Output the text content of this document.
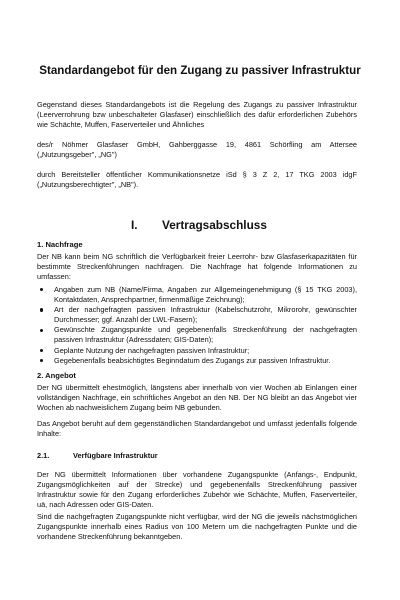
Standardangebot für den Zugang zu passiver Infrastruktur

Gegenstand dieses Standardangebots ist die Regelung des Zugangs zu passiver Infrastruktur (Leerverrohrung bzw unbeschalteter Glasfaser) einschließlich des dafür erforderlichen Zubehörs wie Schächte, Muffen, Faserverteiler und Ähnliches

des/r Nöhmer Glasfaser GmbH, Gahberggasse 19, 4861 Schörfling am Attersee („Nutzungsgeber", „NG")

durch Bereitsteller öffentlicher Kommunikationsnetze iSd § 3 Z 2, 17 TKG 2003 idgF („Nutzungsberechtigter", „NB").

I. Vertragsabschluss
1. Nachfrage

Der NB kann beim NG schriftlich die Verfügbarkeit freier Leerrohr- bzw Glasfaserkapazitäten für bestimmte Streckenführungen nachfragen. Die Nachfrage hat folgende Informationen zu umfassen:

Angaben zum NB (Name/Firma, Angaben zur Allgemeingenehmigung (§ 15 TKG 2003), Kontaktdaten, Ansprechpartner, firmenmäßige Zeichnung);
Art der nachgefragten passiven Infrastruktur (Kabelschutzrohr, Mikrorohr, gewünschter Durchmesser; ggf. Anzahl der LWL-Fasern);
Gewünschte Zugangspunkte und gegebenenfalls Streckenführung der nachgefragten passiven Infrastruktur (Adressdaten; GIS-Daten);
Geplante Nutzung der nachgefragten passiven Infrastruktur;
Gegebenenfalls beabsichtigtes Beginndatum des Zugangs zur passiven Infrastruktur.
2. Angebot

Der NG übermittelt ehestmöglich, längstens aber innerhalb von vier Wochen ab Einlangen einer vollständigen Nachfrage, ein schriftliches Angebot an den NB. Der NG bleibt an das Angebot vier Wochen ab nachweislichem Zugang beim NB gebunden.

Das Angebot beruht auf dem gegenständlichen Standardangebot und umfasst jedenfalls folgende Inhalte:

2.1.	Verfügbare Infrastruktur

Der NG übermittelt Informationen über vorhandene Zugangspunkte (Anfangs-, Endpunkt, Zugangsmöglichkeiten auf der Strecke) und gegebenenfalls Streckenführung passiver Infrastruktur sowie für den Zugang erforderliches Zubehör wie Schächte, Muffen, Faserverteiler, uä, nach Adressen oder GIS-Daten.

Sind die nachgefragten Zugangspunkte nicht verfügbar, wird der NG die jeweils nächstmöglichen Zugangspunkte innerhalb eines Radius von 100 Metern um die nachgefragten Punkte und die vorhandene Streckenführung bekanntgeben.
